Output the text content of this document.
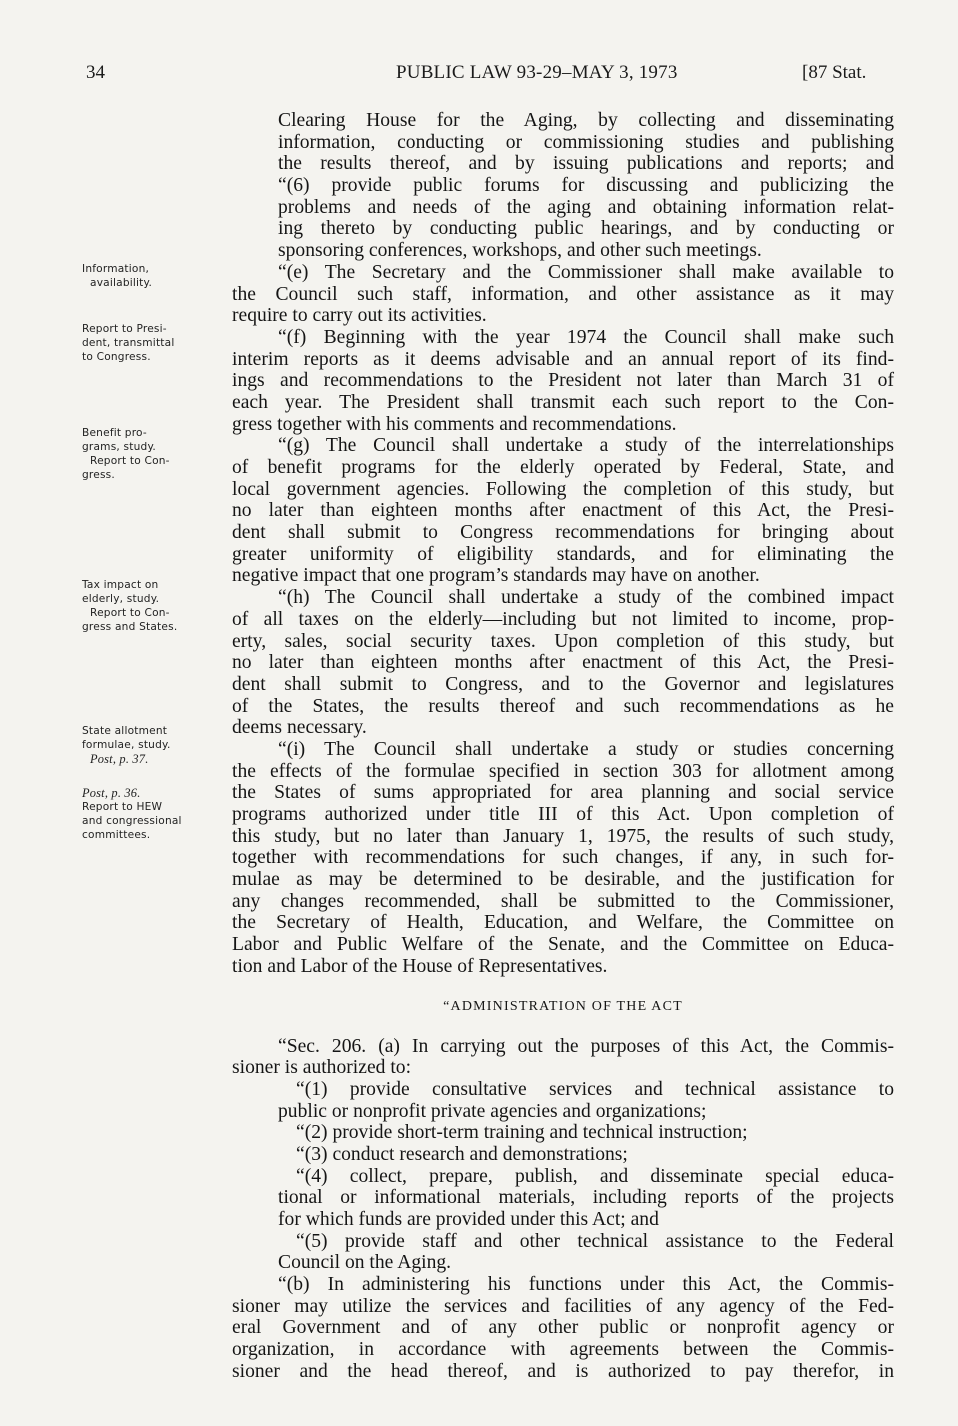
34	PUBLIC LAW 93-29–MAY 3, 1973	[87 Stat.
Information,
availability.
Report to Presi-
dent, transmittal
to Congress.
Benefit pro-
grams, study.
Report to Con-
gress.
Tax impact on
elderly, study.
Report to Con-
gress and States.
State allotment
formulae, study.
Post, p. 37.
Post, p. 36.
Report to HEW
and congressional
committees.
Clearing House for the Aging, by collecting and disseminating
information, conducting or commissioning studies and publishing
the results thereof, and by issuing publications and reports; and
“(6) provide public forums for discussing and publicizing the
problems and needs of the aging and obtaining information relat-
ing thereto by conducting public hearings, and by conducting or
sponsoring conferences, workshops, and other such meetings.
“(e) The Secretary and the Commissioner shall make available to
the Council such staff, information, and other assistance as it may
require to carry out its activities.
“(f) Beginning with the year 1974 the Council shall make such
interim reports as it deems advisable and an annual report of its find-
ings and recommendations to the President not later than March 31 of
each year. The President shall transmit each such report to the Con-
gress together with his comments and recommendations.
“(g) The Council shall undertake a study of the interrelationships
of benefit programs for the elderly operated by Federal, State, and
local government agencies. Following the completion of this study, but
no later than eighteen months after enactment of this Act, the Presi-
dent shall submit to Congress recommendations for bringing about
greater uniformity of eligibility standards, and for eliminating the
negative impact that one program’s standards may have on another.
“(h) The Council shall undertake a study of the combined impact
of all taxes on the elderly—including but not limited to income, prop-
erty, sales, social security taxes. Upon completion of this study, but
no later than eighteen months after enactment of this Act, the Presi-
dent shall submit to Congress, and to the Governor and legislatures
of the States, the results thereof and such recommendations as he
deems necessary.
“(i) The Council shall undertake a study or studies concerning
the effects of the formulae specified in section 303 for allotment among
the States of sums appropriated for area planning and social service
programs authorized under title III of this Act. Upon completion of
this study, but no later than January 1, 1975, the results of such study,
together with recommendations for such changes, if any, in such for-
mulae as may be determined to be desirable, and the justification for
any changes recommended, shall be submitted to the Commissioner,
the Secretary of Health, Education, and Welfare, the Committee on
Labor and Public Welfare of the Senate, and the Committee on Educa-
tion and Labor of the House of Representatives.
“ADMINISTRATION OF THE ACT
“Sec. 206. (a) In carrying out the purposes of this Act, the Commis-
sioner is authorized to:
“(1) provide consultative services and technical assistance to
public or nonprofit private agencies and organizations;
“(2) provide short-term training and technical instruction;
“(3) conduct research and demonstrations;
“(4) collect, prepare, publish, and disseminate special educa-
tional or informational materials, including reports of the projects
for which funds are provided under this Act; and
“(5) provide staff and other technical assistance to the Federal
Council on the Aging.
“(b) In administering his functions under this Act, the Commis-
sioner may utilize the services and facilities of any agency of the Fed-
eral Government and of any other public or nonprofit agency or
organization, in accordance with agreements between the Commis-
sioner and the head thereof, and is authorized to pay therefor, in
